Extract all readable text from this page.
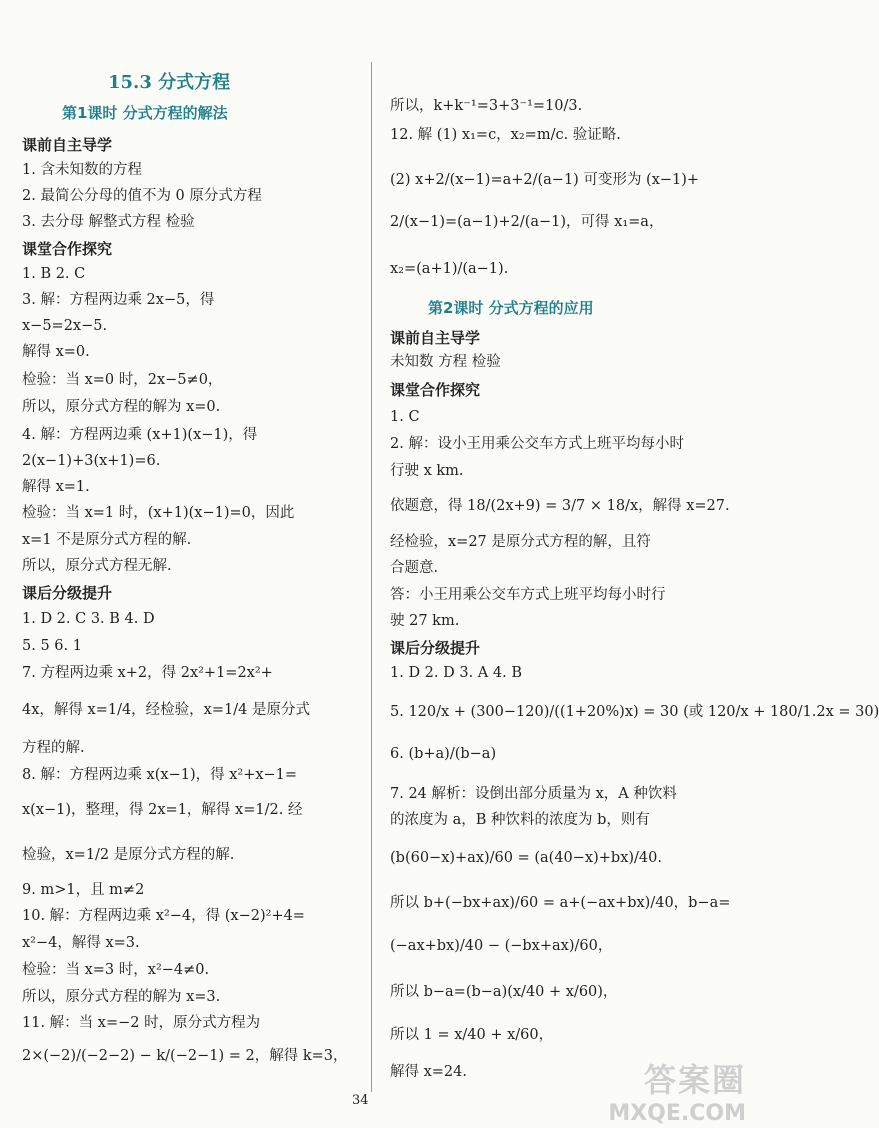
15.3 分式方程
第1课时 分式方程的解法
第2课时 分式方程的应用
课前自主导学
1. 含未知数的方程
2. 最简公分母的值不为 0 原分式方程
3. 去分母 解整式方程 检验
课堂合作探究
1. B 2. C
3. 解：方程两边乘 2x−5，得
x−5=2x−5.
解得 x=0.
检验：当 x=0 时，2x−5≠0，
所以，原分式方程的解为 x=0.
4. 解：方程两边乘 (x+1)(x−1)，得
2(x−1)+3(x+1)=6.
解得 x=1.
检验：当 x=1 时，(x+1)(x−1)=0，因此
x=1 不是原分式方程的解.
所以，原分式方程无解.
课后分级提升
1. D 2. C 3. B 4. D
5. 5 6. 1
7. 方程两边乘 x+2，得 2x²+1=2x²+
4x，解得 x=1/4，经检验，x=1/4 是原分式
方程的解.
8. 解：方程两边乘 x(x−1)，得 x²+x−1=
x(x−1)，整理，得 2x=1，解得 x=1/2. 经
检验，x=1/2 是原分式方程的解.
9. m>1，且 m≠2
10. 解：方程两边乘 x²−4，得 (x−2)²+4=
x²−4，解得 x=3.
检验：当 x=3 时，x²−4≠0.
所以，原分式方程的解为 x=3.
11. 解：当 x=−2 时，原分式方程为
2×(−2)/(−2−2) − k/(−2−1) = 2，解得 k=3，
所以，k+k⁻¹=3+3⁻¹=10/3.
12. 解 (1) x₁=c，x₂=m/c. 验证略.
(2) x+2/(x−1)=a+2/(a−1) 可变形为 (x−1)+
2/(x−1)=(a−1)+2/(a−1)，可得 x₁=a，
x₂=(a+1)/(a−1).
课前自主导学
未知数 方程 检验
课堂合作探究
1. C
2. 解：设小王用乘公交车方式上班平均每小时
行驶 x km.
依题意，得 18/(2x+9) = 3/7 × 18/x，解得 x=27.
经检验，x=27 是原分式方程的解，且符
合题意.
答：小王用乘公交车方式上班平均每小时行
驶 27 km.
课后分级提升
1. D 2. D 3. A 4. B
5. 120/x + (300−120)/((1+20%)x) = 30 (或 120/x + 180/1.2x = 30)
6. (b+a)/(b−a)
7. 24 解析：设倒出部分质量为 x，A 种饮料
的浓度为 a，B 种饮料的浓度为 b，则有
(b(60−x)+ax)/60 = (a(40−x)+bx)/40.
所以 b+(−bx+ax)/60 = a+(−ax+bx)/40，b−a=
(−ax+bx)/40 − (−bx+ax)/60，
所以 b−a=(b−a)(x/40 + x/60)，
所以 1 = x/40 + x/60，
解得 x=24.
34
答案圈
MXQE.COM
